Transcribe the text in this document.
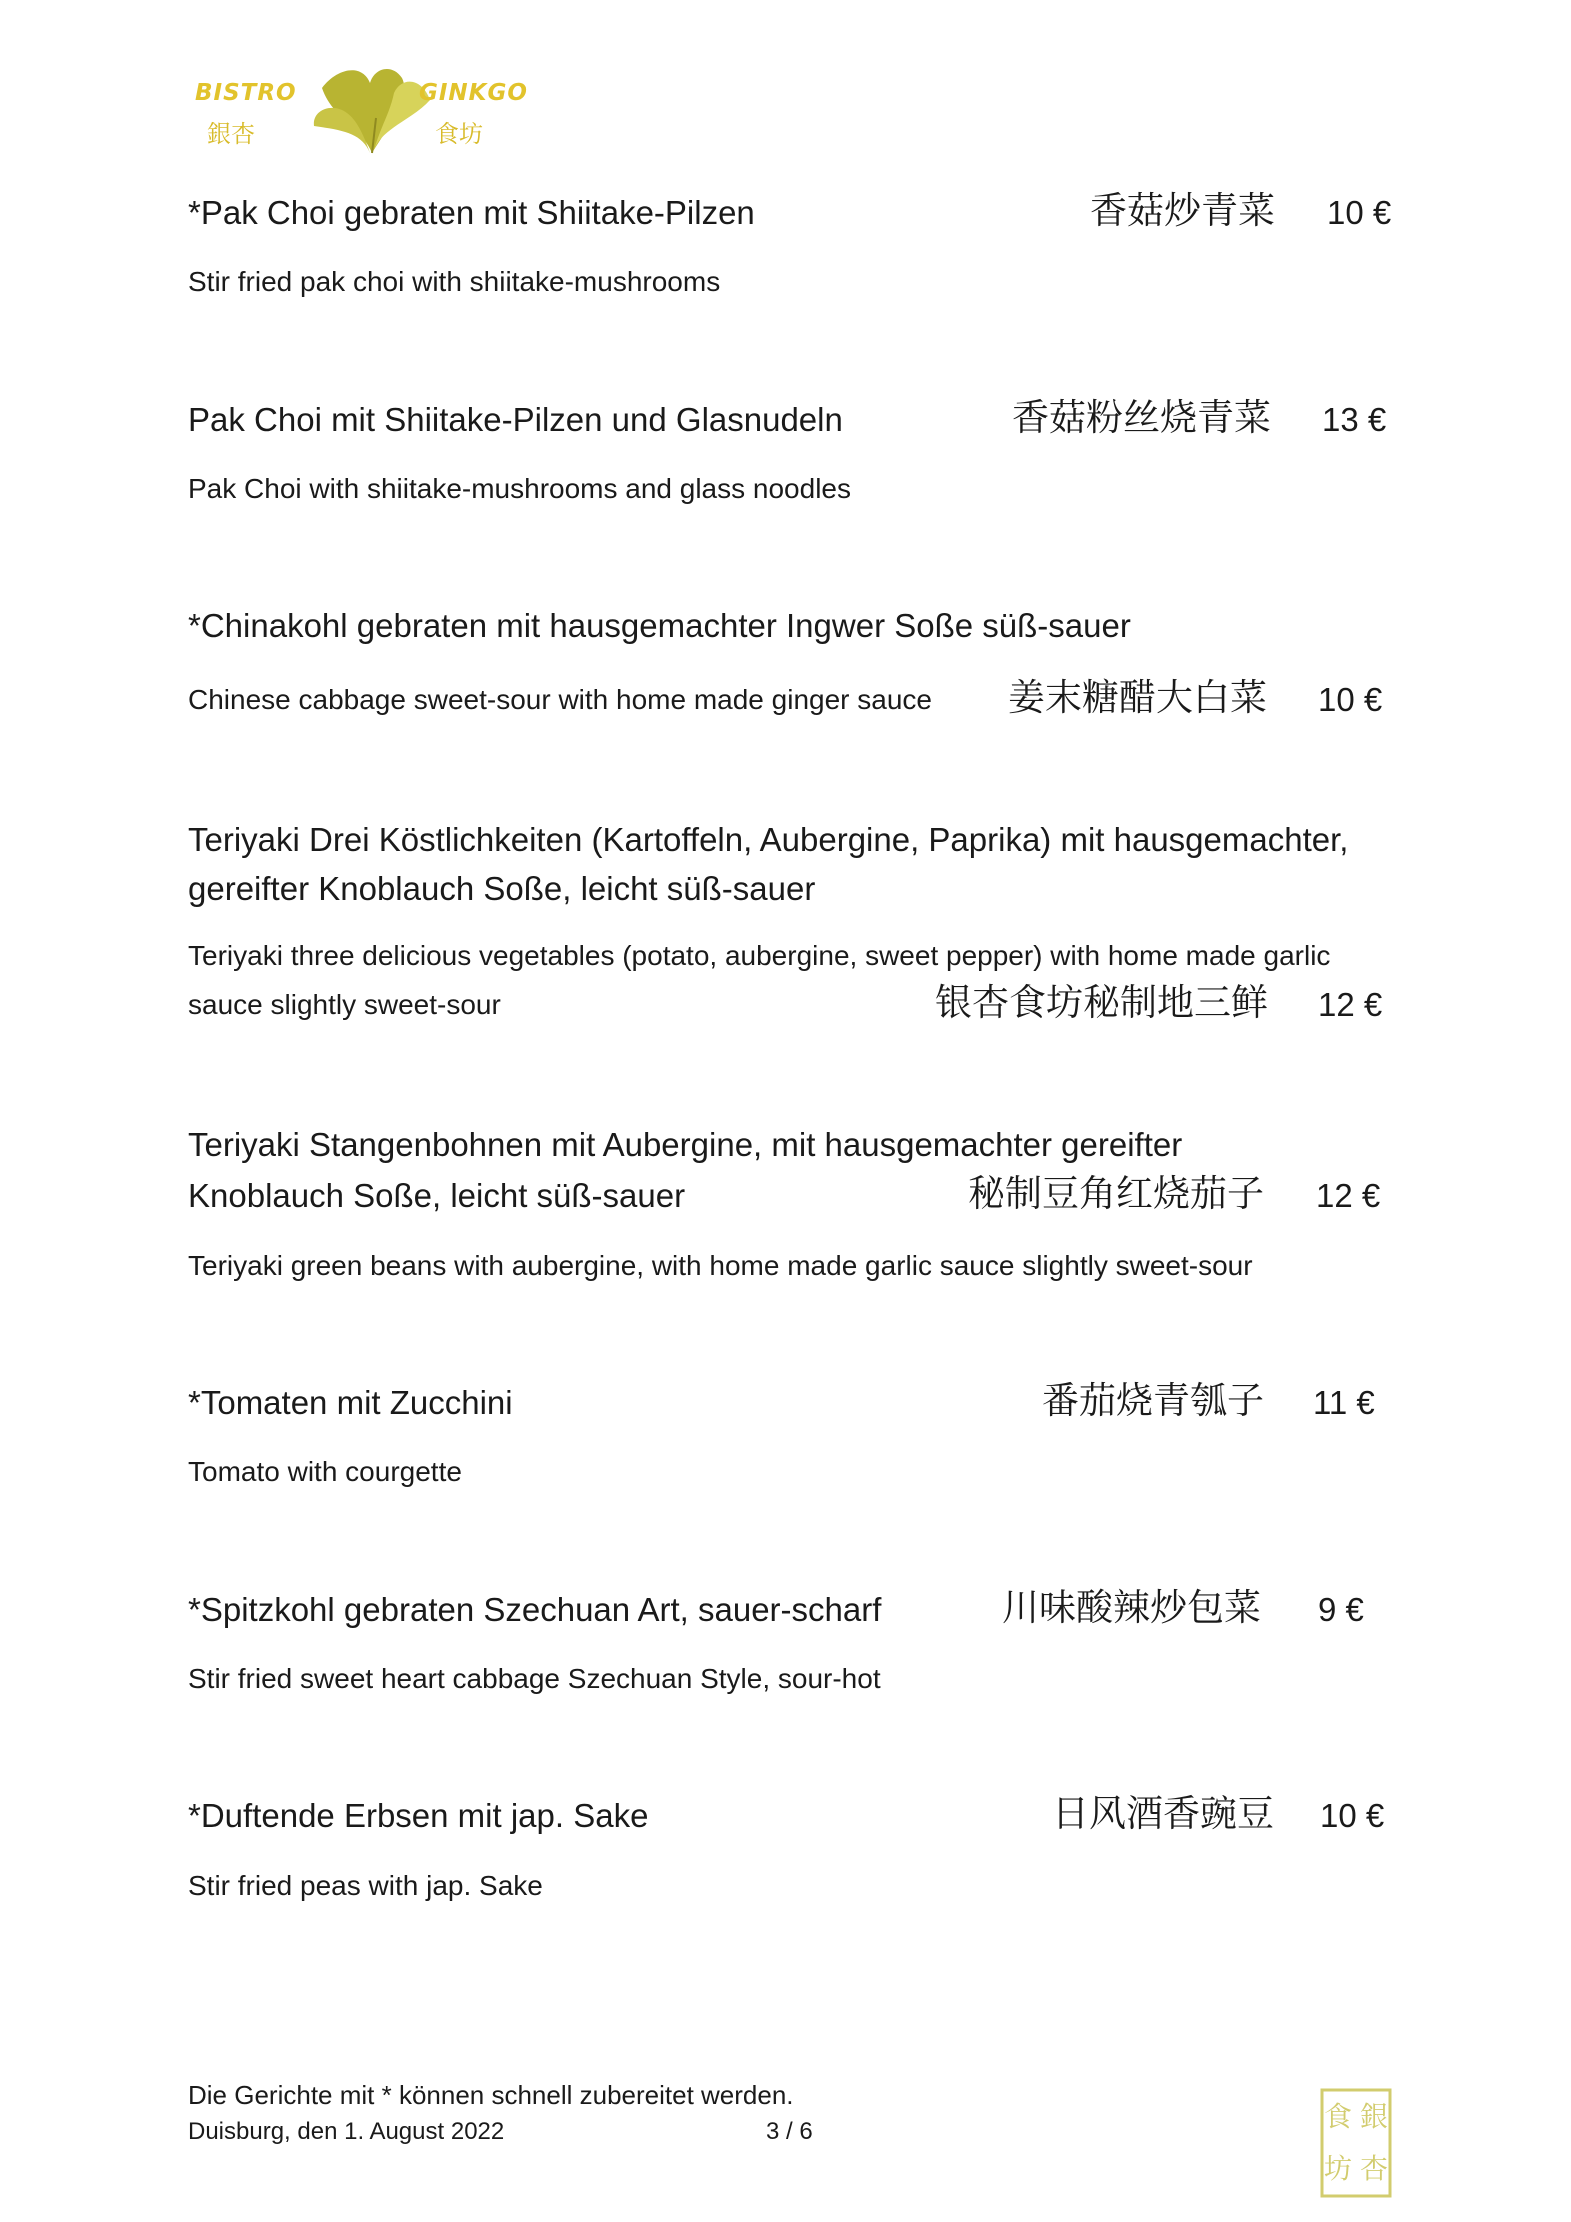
BISTRO
銀杏
GINKGO
食坊
*Pak Choi gebraten mit Shiitake-Pilzen	香菇炒青菜 10 €
Stir fried pak choi with shiitake-mushrooms
Pak Choi mit Shiitake-Pilzen und Glasnudeln	香菇粉丝烧青菜 13 €
Pak Choi with shiitake-mushrooms and glass noodles
*Chinakohl gebraten mit hausgemachter Ingwer Soße süß-sauer
Chinese cabbage sweet-sour with home made ginger sauce 姜末糖醋大白菜 10 €
Teriyaki Drei Köstlichkeiten (Kartoffeln, Aubergine, Paprika) mit hausgemachter,
gereifter Knoblauch Soße, leicht süß-sauer
Teriyaki three delicious vegetables (potato, aubergine, sweet pepper) with home made garlic
sauce slightly sweet-sour	银杏食坊秘制地三鲜 12 €
Teriyaki Stangenbohnen mit Aubergine, mit hausgemachter gereifter
Knoblauch Soße, leicht süß-sauer	秘制豆角红烧茄子 12 €
Teriyaki green beans with aubergine, with home made garlic sauce slightly sweet-sour
*Tomaten mit Zucchini	番茄烧青瓠子 11 €
Tomato with courgette
*Spitzkohl gebraten Szechuan Art, sauer-scharf	川味酸辣炒包菜 9 €
Stir fried sweet heart cabbage Szechuan Style, sour-hot
*Duftende Erbsen mit jap. Sake	日风酒香豌豆 10 €
Stir fried peas with jap. Sake
Die Gerichte mit * können schnell zubereitet werden.
Duisburg, den 1. August 2022	3 / 6	食 銀
坊 杏
